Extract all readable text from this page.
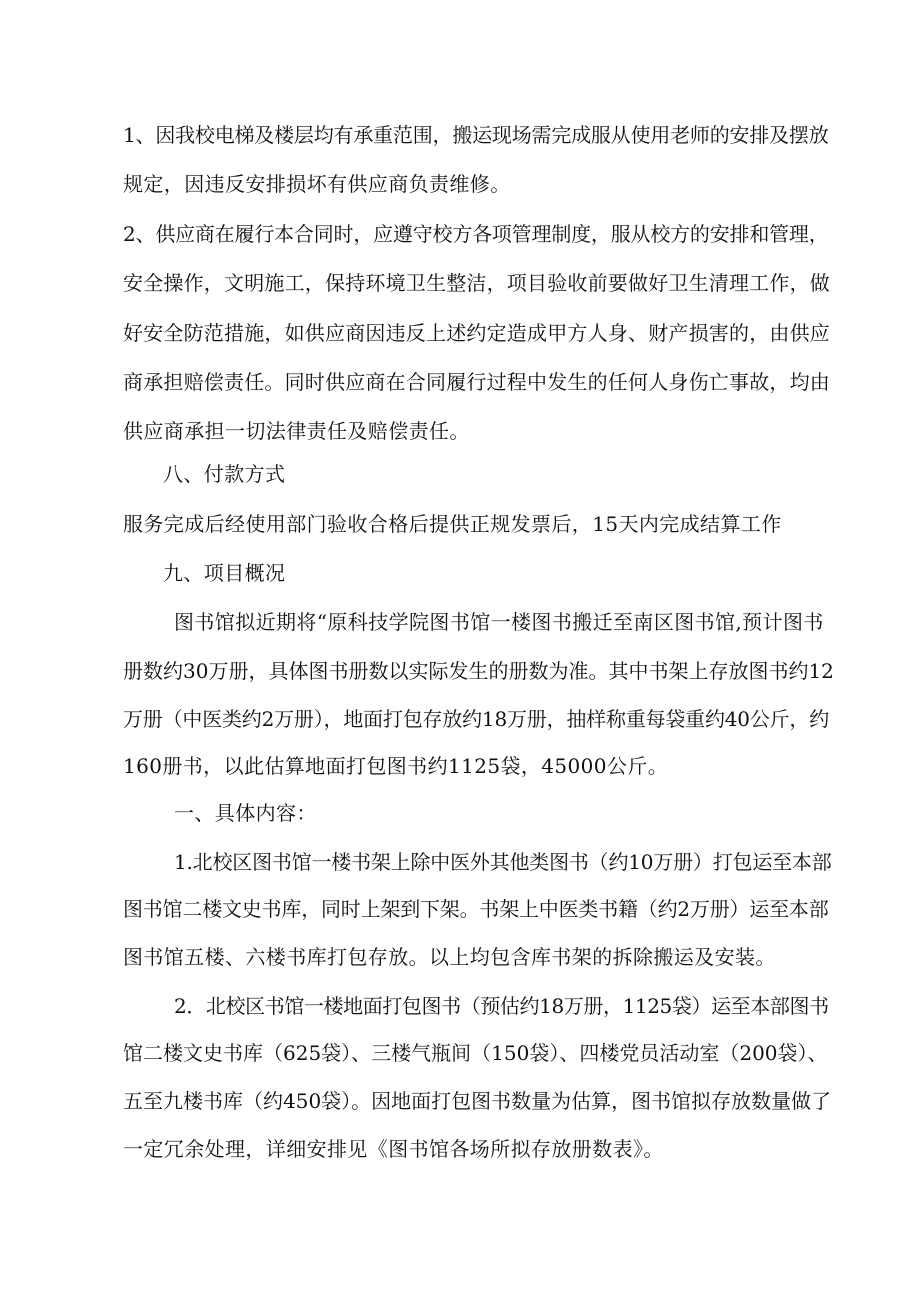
1、因我校电梯及楼层均有承重范围，搬运现场需完成服从使用老师的安排及摆放

规定，因违反安排损坏有供应商负责维修。

2、供应商在履行本合同时，应遵守校方各项管理制度，服从校方的安排和管理，

安全操作，文明施工，保持环境卫生整洁，项目验收前要做好卫生清理工作，做

好安全防范措施，如供应商因违反上述约定造成甲方人身、财产损害的，由供应

商承担赔偿责任。同时供应商在合同履行过程中发生的任何人身伤亡事故，均由

供应商承担一切法律责任及赔偿责任。

八、付款方式

服务完成后经使用部门验收合格后提供正规发票后，15天内完成结算工作

九、项目概况

图书馆拟近期将“原科技学院图书馆一楼图书搬迁至南区图书馆,预计图书

册数约30万册，具体图书册数以实际发生的册数为准。其中书架上存放图书约12

万册（中医类约2万册），地面打包存放约18万册，抽样称重每袋重约40公斤，约

160册书，以此估算地面打包图书约1125袋，45000公斤。

一、具体内容：

1.北校区图书馆一楼书架上除中医外其他类图书（约10万册）打包运至本部

图书馆二楼文史书库，同时上架到下架。书架上中医类书籍（约2万册）运至本部

图书馆五楼、六楼书库打包存放。以上均包含库书架的拆除搬运及安装。

2．北校区书馆一楼地面打包图书（预估约18万册，1125袋）运至本部图书

馆二楼文史书库（625袋）、三楼气瓶间（150袋）、四楼党员活动室（200袋）、

五至九楼书库（约450袋）。因地面打包图书数量为估算，图书馆拟存放数量做了

一定冗余处理，详细安排见《图书馆各场所拟存放册数表》。
